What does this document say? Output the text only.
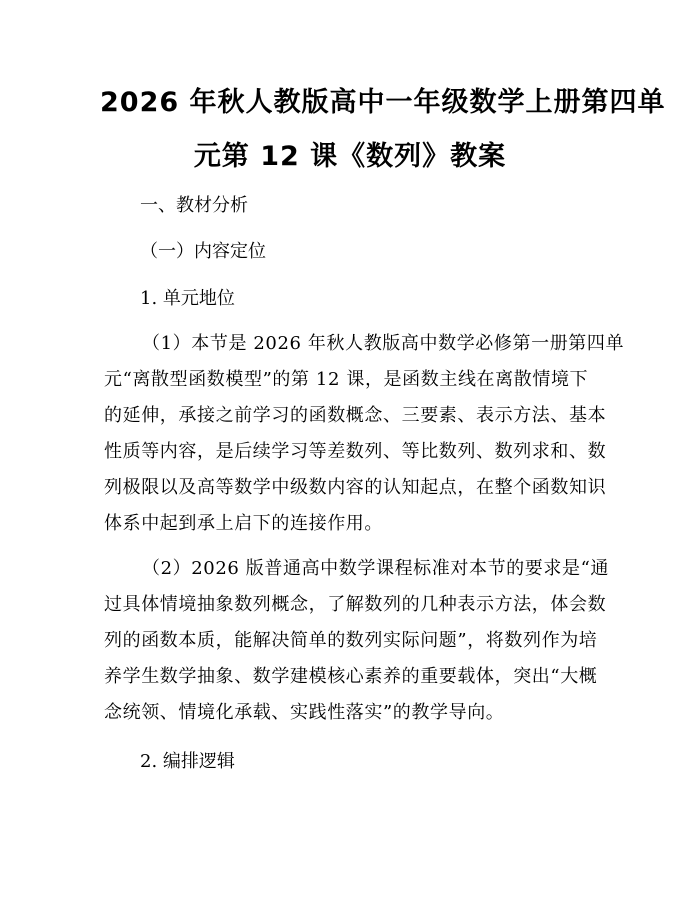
2026 年秋人教版高中一年级数学上册第四单
元第 12 课《数列》教案
一、教材分析
（一）内容定位
1. 单元地位
（1）本节是 2026 年秋人教版高中数学必修第一册第四单
元“离散型函数模型”的第 12 课，是函数主线在离散情境下
的延伸，承接之前学习的函数概念、三要素、表示方法、基本
性质等内容，是后续学习等差数列、等比数列、数列求和、数
列极限以及高等数学中级数内容的认知起点，在整个函数知识
体系中起到承上启下的连接作用。
（2）2026 版普通高中数学课程标准对本节的要求是“通
过具体情境抽象数列概念，了解数列的几种表示方法，体会数
列的函数本质，能解决简单的数列实际问题”，将数列作为培
养学生数学抽象、数学建模核心素养的重要载体，突出“大概
念统领、情境化承载、实践性落实”的教学导向。
2. 编排逻辑
